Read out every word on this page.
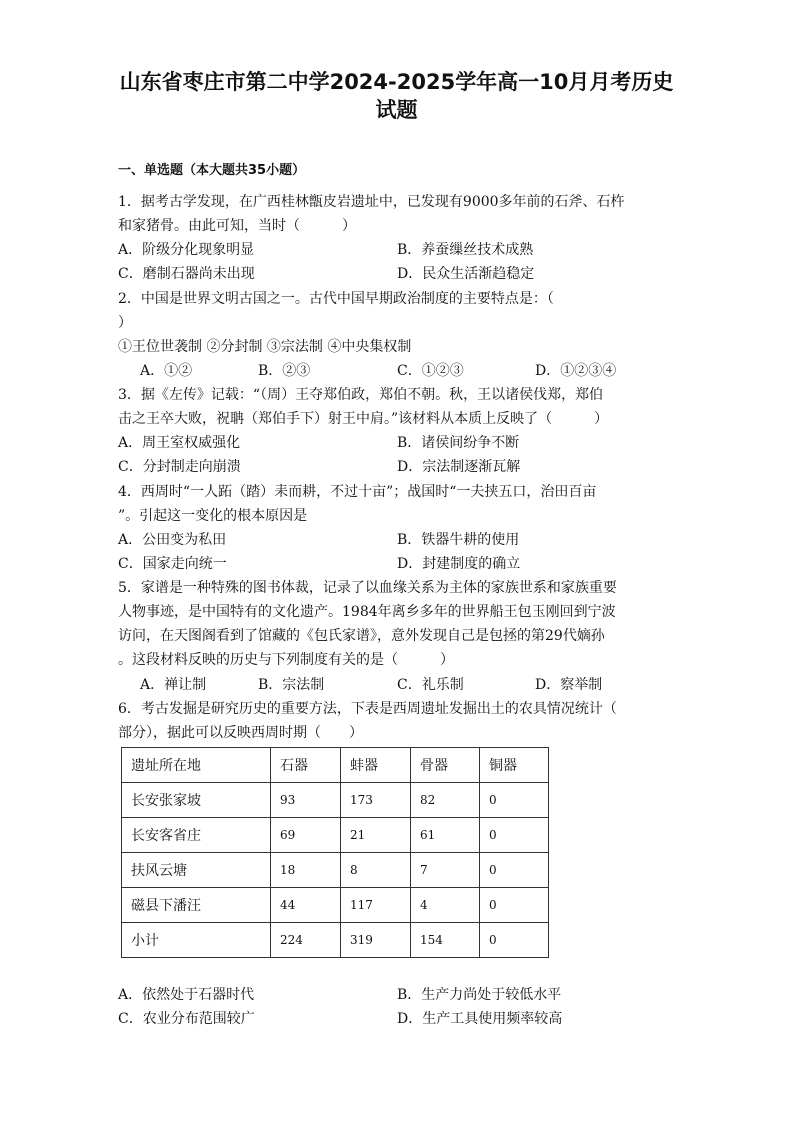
山东省枣庄市第二中学2024-2025学年高一10月月考历史
试题
一、单选题（本大题共35小题）
1．据考古学发现，在广西桂林甑皮岩遗址中，已发现有9000多年前的石斧、石杵
和家猪骨。由此可知，当时（　　　）
A．阶级分化现象明显	B．养蚕缫丝技术成熟
C．磨制石器尚未出现	D．民众生活渐趋稳定
2．中国是世界文明古国之一。古代中国早期政治制度的主要特点是：（
）
①王位世袭制 ②分封制 ③宗法制 ④中央集权制
A．①②	B．②③	C．①②③	D．①②③④
3．据《左传》记载：“（周）王夺郑伯政，郑伯不朝。秋，王以诸侯伐郑，郑伯
击之王卒大败，祝聃（郑伯手下）射王中肩。”该材料从本质上反映了（　　　）
A．周王室权威强化	B．诸侯间纷争不断
C．分封制走向崩溃	D．宗法制逐渐瓦解
4．西周时“一人跖（踏）耒而耕，不过十亩”；战国时“一夫挟五口，治田百亩
”。引起这一变化的根本原因是
A．公田变为私田	B．铁器牛耕的使用
C．国家走向统一	D．封建制度的确立
5．家谱是一种特殊的图书体裁，记录了以血缘关系为主体的家族世系和家族重要
人物事迹，是中国特有的文化遗产。1984年离乡多年的世界船王包玉刚回到宁波
访问，在天图阁看到了馆藏的《包氏家谱》，意外发现自己是包拯的第29代嫡孙
。这段材料反映的历史与下列制度有关的是（　　　）
A．禅让制	B．宗法制	C．礼乐制	D．察举制
6．考古发掘是研究历史的重要方法，下表是西周遗址发掘出土的农具情况统计（
部分），据此可以反映西周时期（　　）
遗址所在地	石器	蚌器	骨器	铜器
长安张家坡	93	173	82	0
长安客省庄	69	21	61	0
扶风云塘	18	8	7	0
磁县下潘汪	44	117	4	0
小计	224	319	154	0
A．依然处于石器时代	B．生产力尚处于较低水平
C．农业分布范围较广	D．生产工具使用频率较高
